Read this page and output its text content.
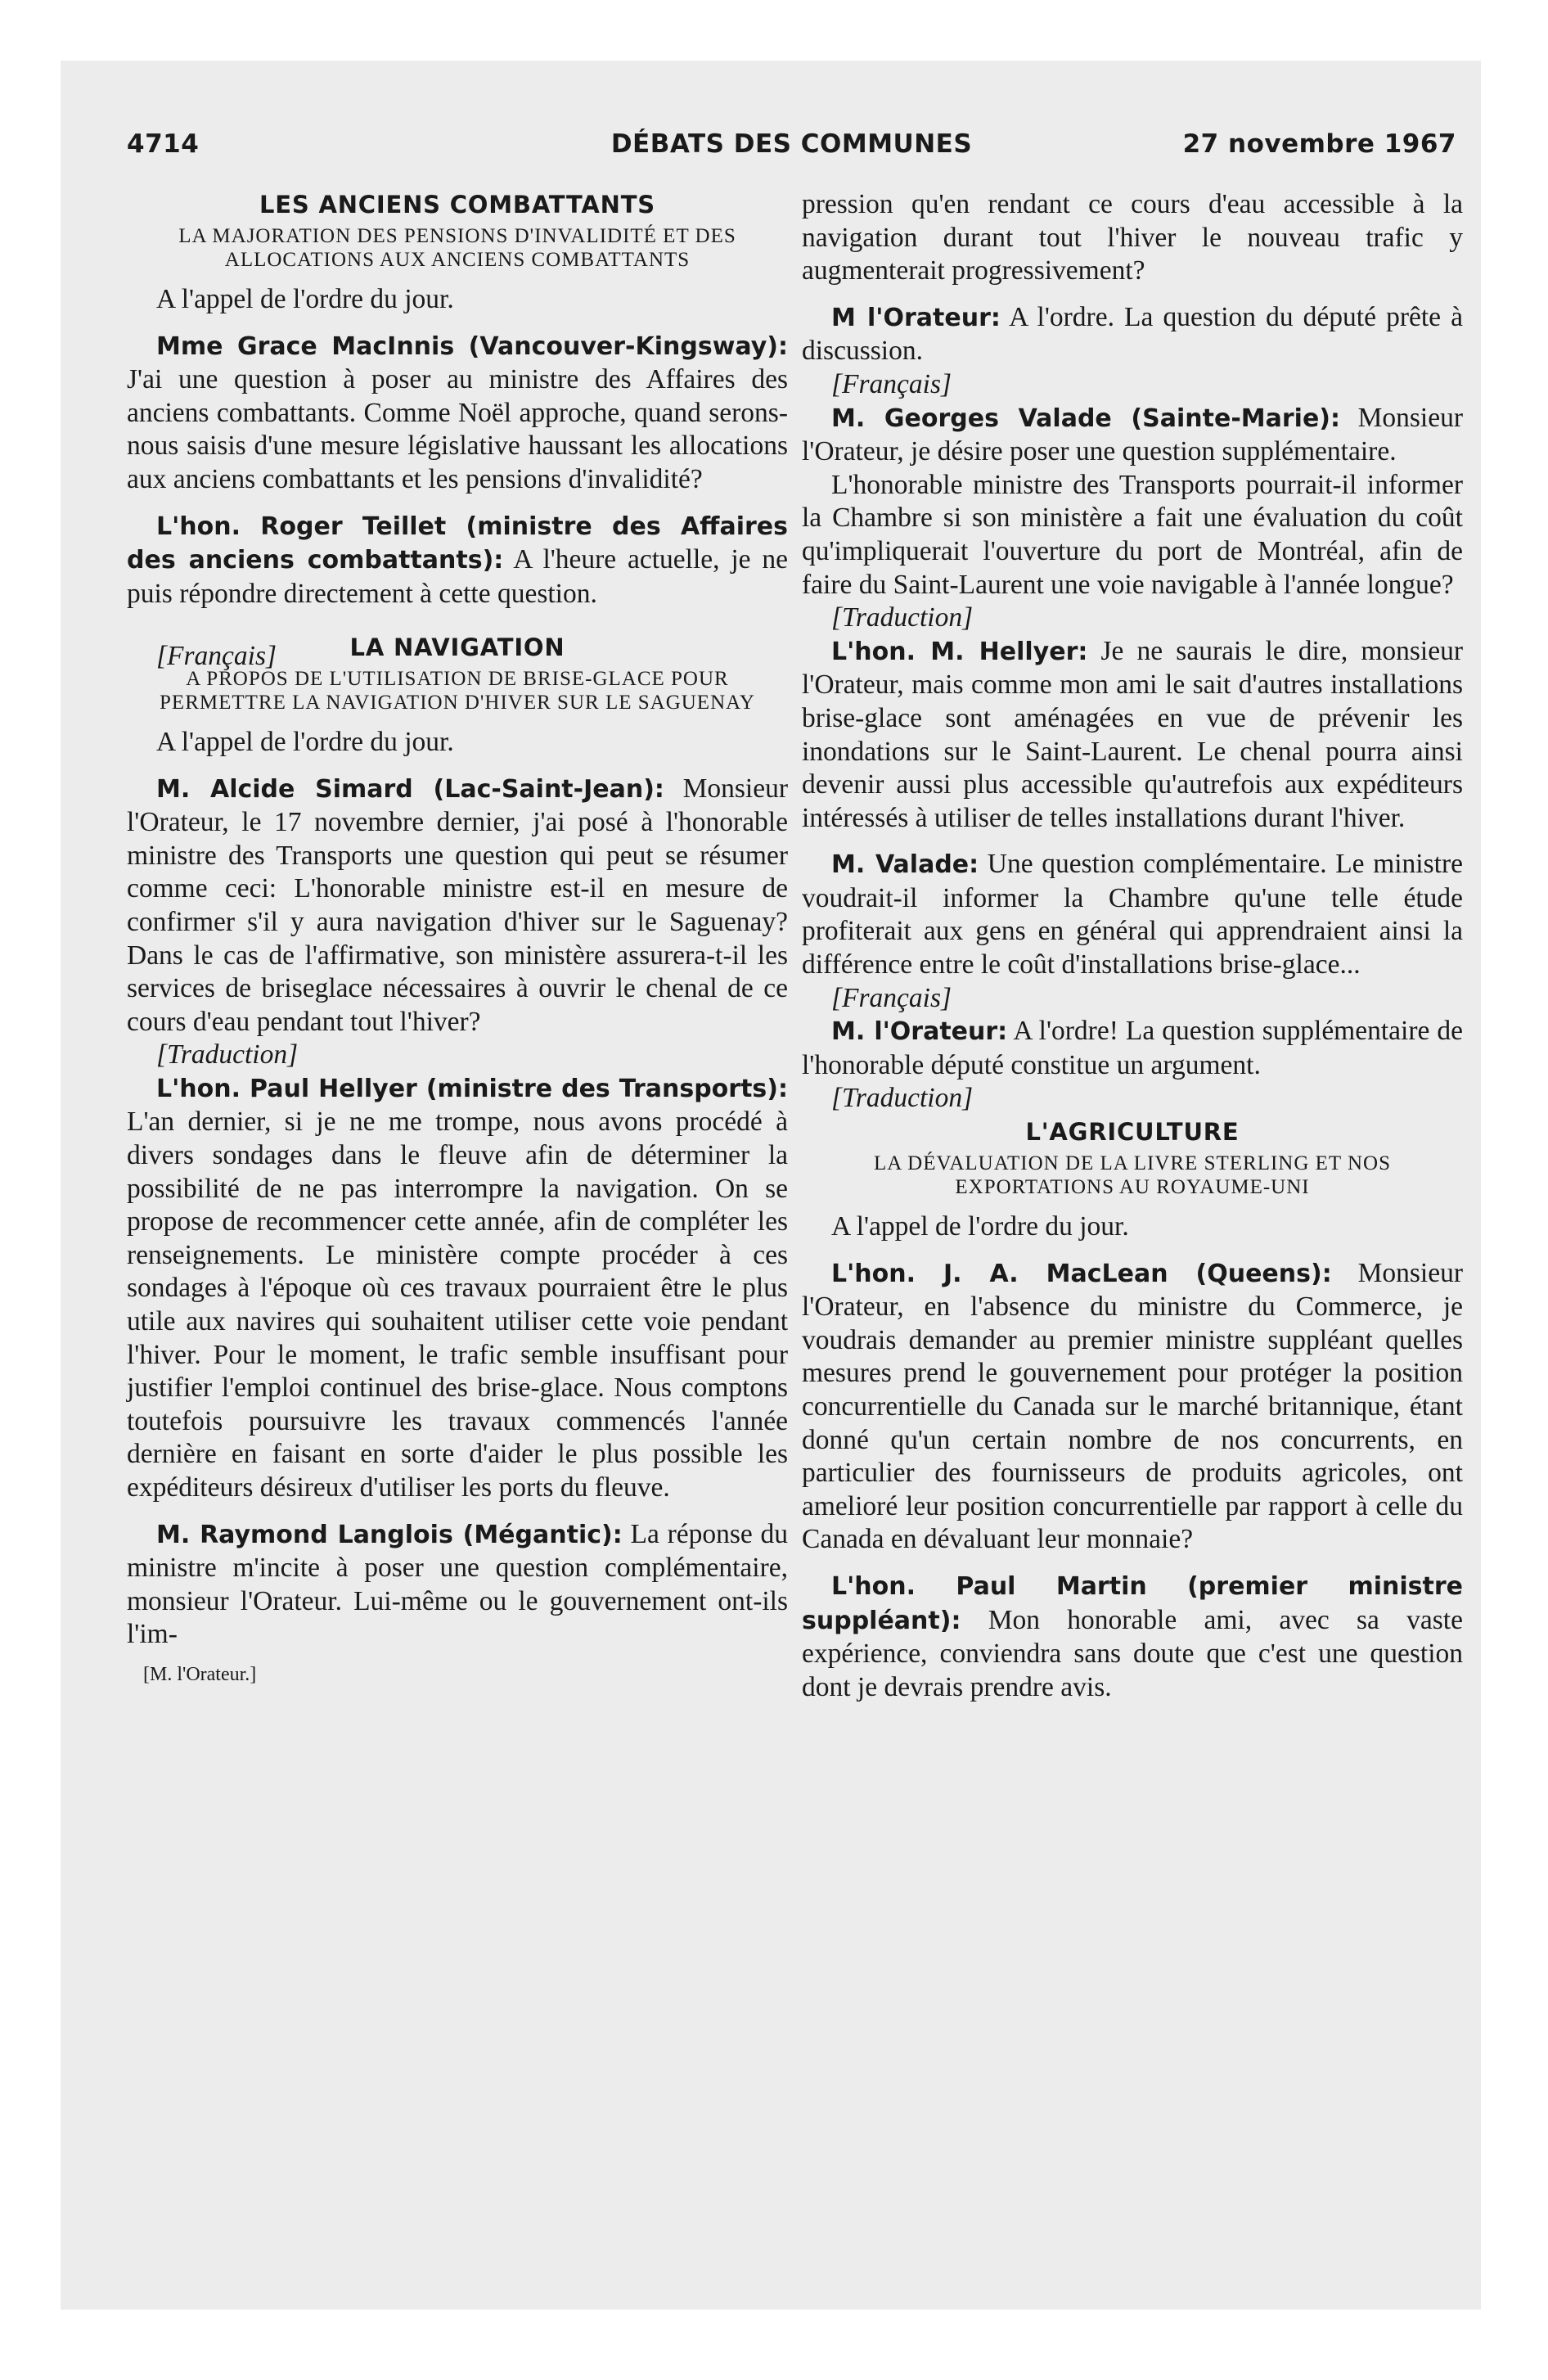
4714	DÉBATS DES COMMUNES	27 novembre 1967
LES ANCIENS COMBATTANTS
LA MAJORATION DES PENSIONS D'INVALIDITÉ ET DES ALLOCATIONS AUX ANCIENS COMBATTANTS

A l'appel de l'ordre du jour.

Mme Grace MacInnis (Vancouver-Kingsway): J'ai une question à poser au ministre des Affaires des anciens combattants. Comme Noël approche, quand serons-nous saisis d'une mesure législative haussant les allocations aux anciens combattants et les pensions d'invalidité?

L'hon. Roger Teillet (ministre des Affaires des anciens combattants): A l'heure actuelle, je ne puis répondre directement à cette question.

[Français]	LA NAVIGATION
A PROPOS DE L'UTILISATION DE BRISE-GLACE POUR PERMETTRE LA NAVIGATION D'HIVER SUR LE SAGUENAY

A l'appel de l'ordre du jour.

M. Alcide Simard (Lac-Saint-Jean): Monsieur l'Orateur, le 17 novembre dernier, j'ai posé à l'honorable ministre des Transports une question qui peut se résumer comme ceci: L'honorable ministre est-il en mesure de confirmer s'il y aura navigation d'hiver sur le Saguenay? Dans le cas de l'affirmative, son ministère assurera-t-il les services de briseglace nécessaires à ouvrir le chenal de ce cours d'eau pendant tout l'hiver?

[Traduction]

L'hon. Paul Hellyer (ministre des Transports): L'an dernier, si je ne me trompe, nous avons procédé à divers sondages dans le fleuve afin de déterminer la possibilité de ne pas interrompre la navigation. On se propose de recommencer cette année, afin de compléter les renseignements. Le ministère compte procéder à ces sondages à l'époque où ces travaux pourraient être le plus utile aux navires qui souhaitent utiliser cette voie pendant l'hiver. Pour le moment, le trafic semble insuffisant pour justifier l'emploi continuel des brise-glace. Nous comptons toutefois poursuivre les travaux commencés l'année dernière en faisant en sorte d'aider le plus possible les expéditeurs désireux d'utiliser les ports du fleuve.

M. Raymond Langlois (Mégantic): La réponse du ministre m'incite à poser une question complémentaire, monsieur l'Orateur. Lui-même ou le gouvernement ont-ils l'im-

[M. l'Orateur.]

pression qu'en rendant ce cours d'eau accessible à la navigation durant tout l'hiver le nouveau trafic y augmenterait progressivement?

M l'Orateur: A l'ordre. La question du député prête à discussion.

[Français]

M. Georges Valade (Sainte-Marie): Monsieur l'Orateur, je désire poser une question supplémentaire.

L'honorable ministre des Transports pourrait-il informer la Chambre si son ministère a fait une évaluation du coût qu'impliquerait l'ouverture du port de Montréal, afin de faire du Saint-Laurent une voie navigable à l'année longue?

[Traduction]

L'hon. M. Hellyer: Je ne saurais le dire, monsieur l'Orateur, mais comme mon ami le sait d'autres installations brise-glace sont aménagées en vue de prévenir les inondations sur le Saint-Laurent. Le chenal pourra ainsi devenir aussi plus accessible qu'autrefois aux expéditeurs intéressés à utiliser de telles installations durant l'hiver.

M. Valade: Une question complémentaire. Le ministre voudrait-il informer la Chambre qu'une telle étude profiterait aux gens en général qui apprendraient ainsi la différence entre le coût d'installations brise-glace...

[Français]

M. l'Orateur: A l'ordre! La question supplémentaire de l'honorable député constitue un argument.

[Traduction]

L'AGRICULTURE
LA DÉVALUATION DE LA LIVRE STERLING ET NOS EXPORTATIONS AU ROYAUME-UNI

A l'appel de l'ordre du jour.

L'hon. J. A. MacLean (Queens): Monsieur l'Orateur, en l'absence du ministre du Commerce, je voudrais demander au premier ministre suppléant quelles mesures prend le gouvernement pour protéger la position concurrentielle du Canada sur le marché britannique, étant donné qu'un certain nombre de nos concurrents, en particulier des fournisseurs de produits agricoles, ont amelioré leur position concurrentielle par rapport à celle du Canada en dévaluant leur monnaie?

L'hon. Paul Martin (premier ministre suppléant): Mon honorable ami, avec sa vaste expérience, conviendra sans doute que c'est une question dont je devrais prendre avis.
